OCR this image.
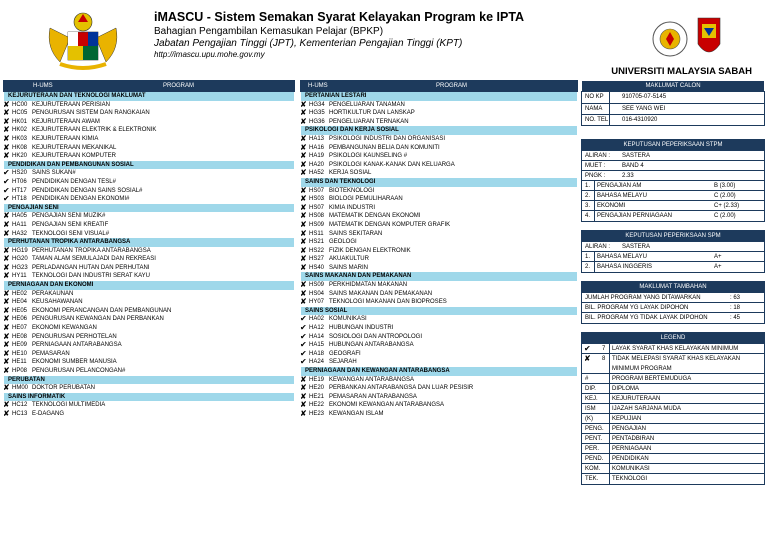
iMASCU - Sistem Semakan Syarat Kelayakan Program ke IPTA
Bahagian Pengambilan Kemasukan Pelajar (BPKP)
Jabatan Pengajian Tinggi (JPT), Kementerian Pengajian Tinggi (KPT)
http://imascu.upu.mohe.gov.my
UNIVERSITI MALAYSIA SABAH
H-UMS	PROGRAM	H-UMS	PROGRAM
KEJURUTERAAN DAN TEKNOLOGI MAKLUMAT
✘ HC00 KEJURUTERAAN PERISIAN
✘ HC05 PENGURUSAN SISTEM DAN RANGKAIAN
✘ HK01 KEJURUTERAAN AWAM
✘ HK02 KEJURUTERAAN ELEKTRIK & ELEKTRONIK
✘ HK03 KEJURUTERAAN KIMIA
✘ HK08 KEJURUTERAAN MEKANIKAL
✘ HK20 KEJURUTERAAN KOMPUTER
PENDIDIKAN DAN PEMBANGUNAN SOSIAL
✔ HS20 SAINS SUKAN#
✔ HT06 PENDIDIKAN DENGAN TESL#
✔ HT17 PENDIDIKAN DENGAN SAINS SOSIAL#
✔ HT18 PENDIDIKAN DENGAN EKONOMI#
PENGAJIAN SENI
✘ HA05 PENGAJIAN SENI MUZIK#
✘ HA11 PENGAJIAN SENI KREATIF
✘ HA32 TEKNOLOGI SENI VISUAL#
PERHUTANAN TROPIKA ANTARABANGSA
✘ HG19 PERHUTANAN TROPIKA ANTARABANGSA
✘ HG20 TAMAN ALAM SEMULAJADI DAN REKREASI
✘ HG23 PERLADANGAN HUTAN DAN PERHUTANI
✘ HY11 TEKNOLOGI DAN INDUSTRI SERAT KAYU
PERNIAGAAN DAN EKONOMI
✘ HE02 PERAKAUNAN
✘ HE04 KEUSAHAWANAN
✘ HE05 EKONOMI PERANCANGAN DAN PEMBANGUNAN
✘ HE06 PENGURUSAN KEWANGAN DAN PERBANKAN
✘ HE07 EKONOMI KEWANGAN
✘ HE08 PENGURUSAN PERHOTELAN
✘ HE09 PERNIAGAAN ANTARABANGSA
✘ HE10 PEMASARAN
✘ HE11 EKONOMI SUMBER MANUSIA
✘ HP08 PENGURUSAN PELANCONGAN#
PERUBATAN
✘ HM00 DOKTOR PERUBATAN
SAINS INFORMATIK
✘ HC12 TEKNOLOGI MULTIMEDIA
✘ HC13 E-DAGANG
PERTANIAN LESTARI
✘ HG34 PENGELUARAN TANAMAN
✘ HG35 HORTIKULTUR DAN LANSKAP
✘ HG36 PENGELUARAN TERNAKAN
PSIKOLOGI DAN KERJA SOSIAL
✘ HA13 PSIKOLOGI INDUSTRI DAN ORGANISASI
✘ HA16 PEMBANGUNAN BELIA DAN KOMUNITI
✘ HA19 PSIKOLOGI KAUNSELING #
✘ HA20 PSIKOLOGI KANAK-KANAK DAN KELUARGA
✘ HA52 KERJA SOSIAL
SAINS DAN TEKNOLOGI
✘ HS07 BIOTEKNOLOGI
✘ HS03 BIOLOGI PEMULIHARAAN
✘ HS07 KIMIA INDUSTRI
✘ HS08 MATEMATIK DENGAN EKONOMI
✘ HS09 MATEMATIK DENGAN KOMPUTER GRAFIK
✘ HS11 SAINS SEKITARAN
✘ HS21 GEOLOGI
✘ HS22 FIZIK DENGAN ELEKTRONIK
✘ HS27 AKUAKULTUR
✘ HS40 SAINS MARIN
SAINS MAKANAN DAN PEMAKANAN
✘ HS09 PERKHIDMATAN MAKANAN
✘ HS04 SAINS MAKANAN DAN PEMAKANAN
✘ HY07 TEKNOLOGI MAKANAN DAN BIOPROSES
SAINS SOSIAL
✔ HA02 KOMUNIKASI
✔ HA12 HUBUNGAN INDUSTRI
✔ HA14 SOSIOLOGI DAN ANTROPOLOGI
✔ HA15 HUBUNGAN ANTARABANGSA
✔ HA18 GEOGRAFI
✔ HA24 SEJARAH
PERNIAGAAN DAN KEWANGAN ANTARABANGSA
✘ HE19 KEWANGAN ANTARABANGSA
✘ HE20 PERBANKAN ANTARABANGSA DAN LUAR PESISIR
✘ HE21 PEMASARAN ANTARABANGSA
✘ HE22 EKONOMI KEWANGAN ANTARABANGSA
✘ HE23 KEWANGAN ISLAM
NO KP	910705-07-5145
NAMA	SEE YANG WEI
NO. TEL 016-4310920
MAKLUMAT CALON
KEPUTUSAN PEPERIKSAAN STPM
ALIRAN : SASTERA
MUET :	BAND 4
PNGK :	2.33
1. PENGAJIAN AM	B (3.00)
2. BAHASA MELAYU	C (2.00)
3. EKONOMI	C+ (2.33)
4. PENGAJIAN PERNIAGAAN	C (2.00)
KEPUTUSAN PEPERIKSAAN SPM
ALIRAN : SASTERA
1. BAHASA MELAYU	A+
2. BAHASA INGGERIS	A+
MAKLUMAT TAMBAHAN
JUMLAH PROGRAM YANG DITAWARKAN	: 63
BIL. PROGRAM YG LAYAK DIPOHON	: 18
BIL. PROGRAM YG TIDAK LAYAK DIPOHON	: 45
LEGEND
✔ 7 LAYAK SYARAT KHAS KELAYAKAN MINIMUM
✘ 8 TIDAK MELEPASI SYARAT KHAS KELAYAKAN MINIMUM PROGRAM
#	PROGRAM BERTEMUDUGA
DIP.	DIPLOMA
KEJ. KEJURUTERAAN
ISM	IJAZAH SARJANA MUDA
(K)	KEPUJIAN
PENG. PENGAJIAN
PENT. PENTADBIRAN
PER. PERNIAGAAN
PEND. PENDIDIKAN
KOM. KOMUNIKASI
TEK. TEKNOLOGI
